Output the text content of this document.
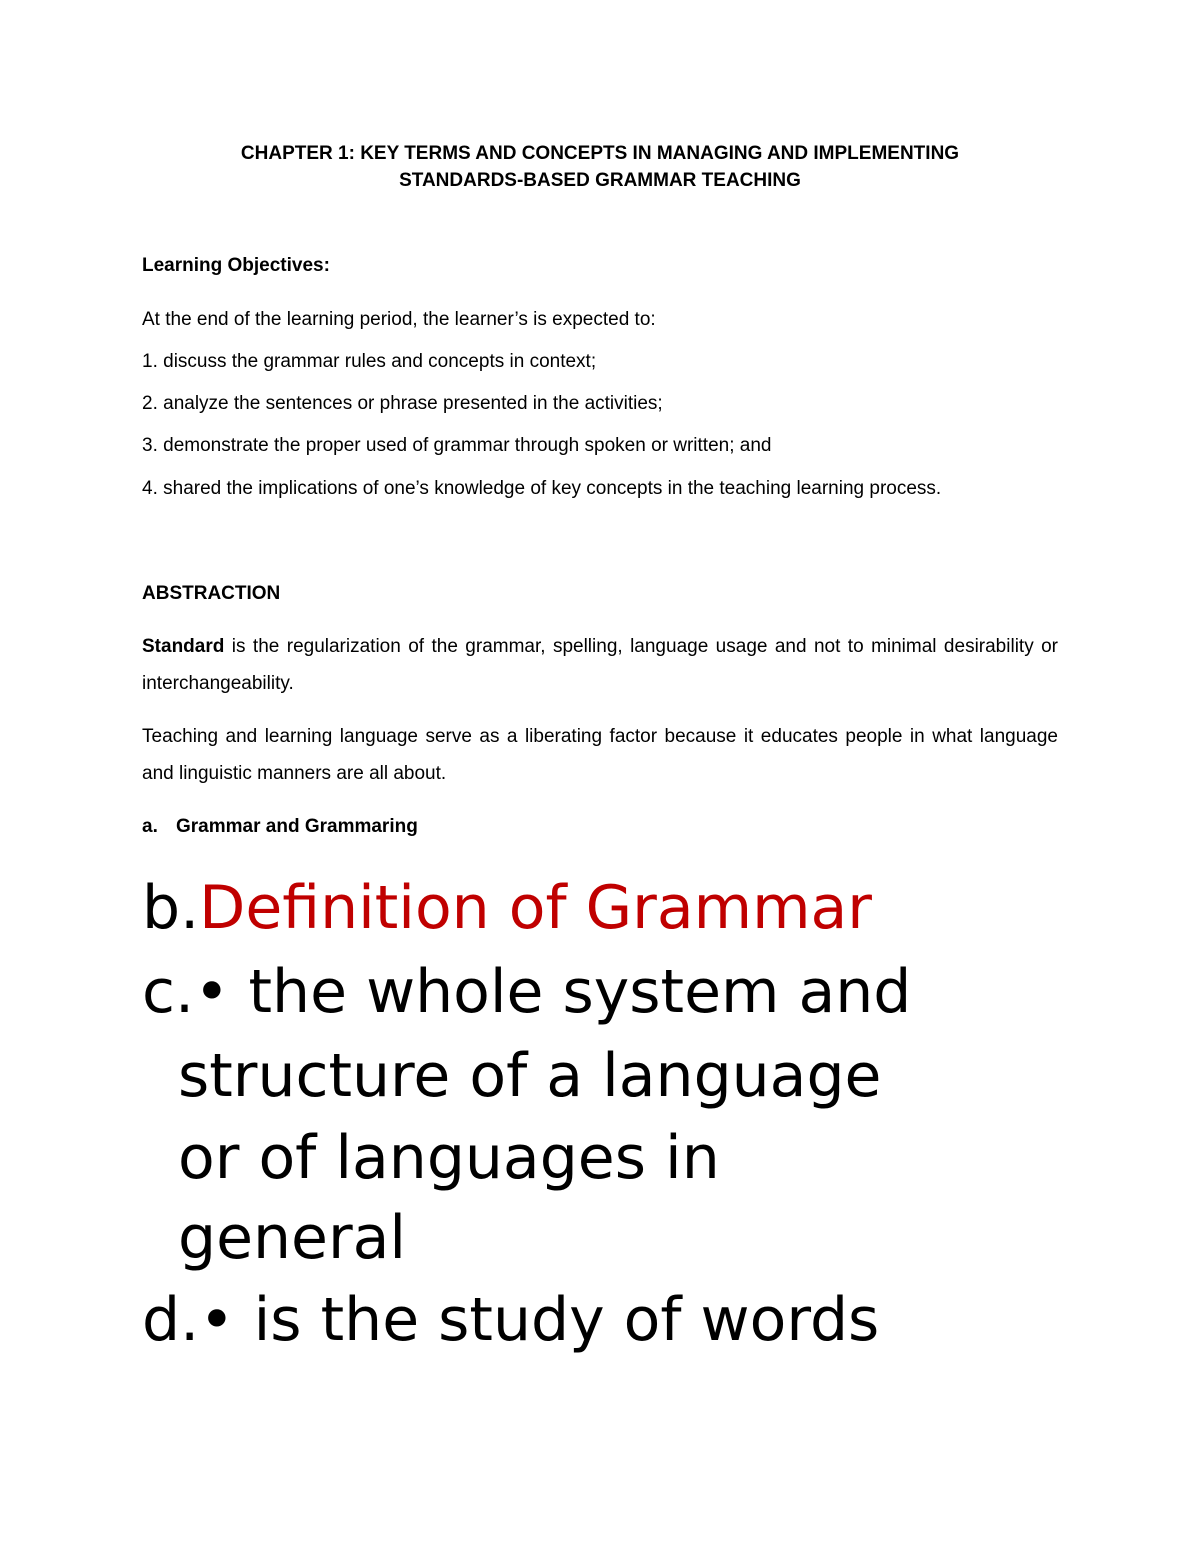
CHAPTER 1: KEY TERMS AND CONCEPTS IN MANAGING AND IMPLEMENTING
STANDARDS-BASED GRAMMAR TEACHING
Learning Objectives:
At the end of the learning period, the learner’s is expected to:
1. discuss the grammar rules and concepts in context;
2. analyze the sentences or phrase presented in the activities;
3. demonstrate the proper used of grammar through spoken or written; and
4. shared the implications of one’s knowledge of key concepts in the teaching learning process.
ABSTRACTION
Standard is the regularization of the grammar, spelling, language usage and not to minimal desirability or interchangeability.
Teaching and learning language serve as a liberating factor because it educates people in what language and linguistic manners are all about.
a. Grammar and Grammaring
b.Definition of Grammar
c.• the whole system and
structure of a language
or of languages in
general
d.• is the study of words
